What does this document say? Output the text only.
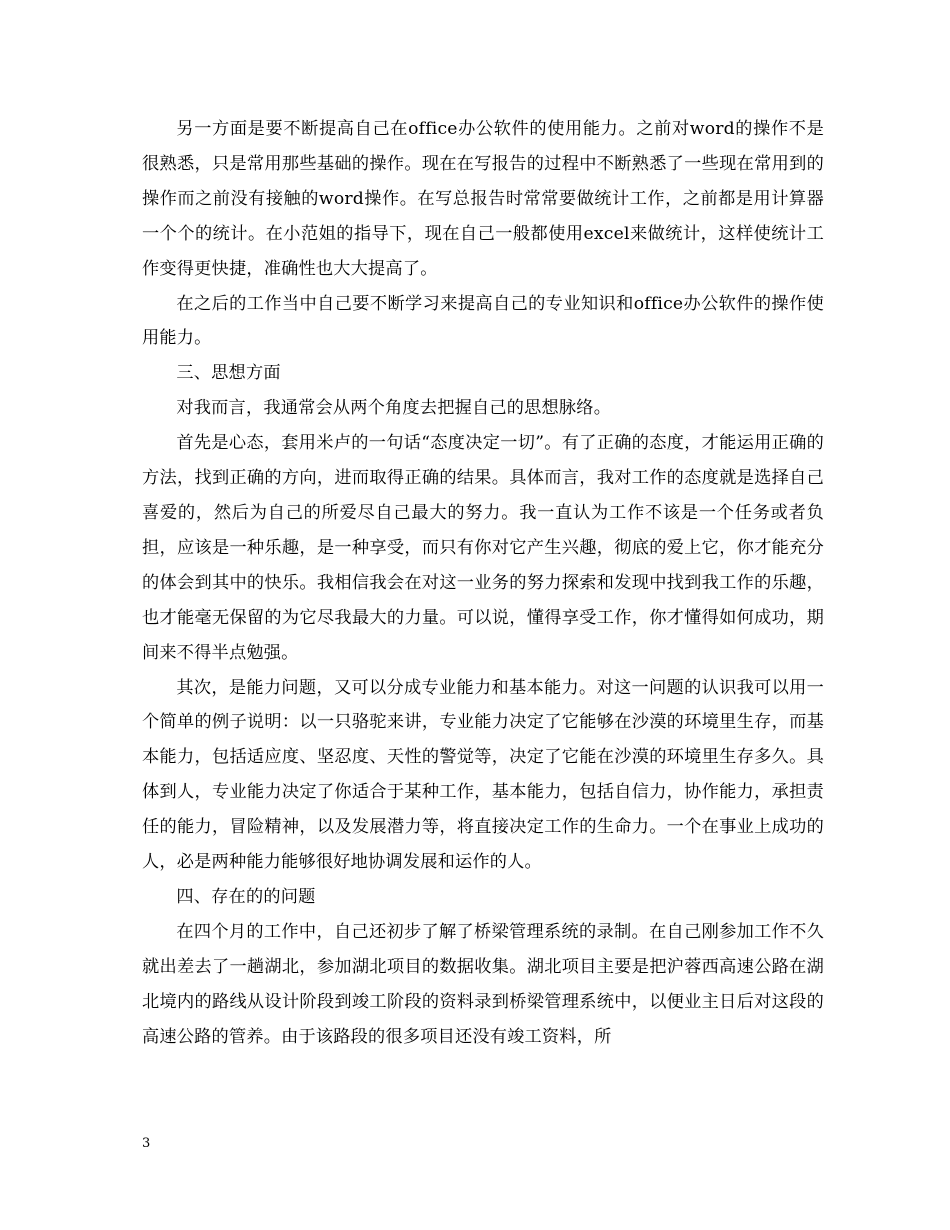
另一方面是要不断提高自己在office办公软件的使用能力。之前对word的操作不是很熟悉，只是常用那些基础的操作。现在在写报告的过程中不断熟悉了一些现在常用到的操作而之前没有接触的word操作。在写总报告时常常要做统计工作，之前都是用计算器一个个的统计。在小范姐的指导下，现在自己一般都使用excel来做统计，这样使统计工作变得更快捷，准确性也大大提高了。

在之后的工作当中自己要不断学习来提高自己的专业知识和office办公软件的操作使用能力。

三、思想方面

对我而言，我通常会从两个角度去把握自己的思想脉络。

首先是心态，套用米卢的一句话“态度决定一切”。有了正确的态度，才能运用正确的方法，找到正确的方向，进而取得正确的结果。具体而言，我对工作的态度就是选择自己喜爱的，然后为自己的所爱尽自己最大的努力。我一直认为工作不该是一个任务或者负担，应该是一种乐趣，是一种享受，而只有你对它产生兴趣，彻底的爱上它，你才能充分的体会到其中的快乐。我相信我会在对这一业务的努力探索和发现中找到我工作的乐趣，也才能毫无保留的为它尽我最大的力量。可以说，懂得享受工作，你才懂得如何成功，期间来不得半点勉强。

其次，是能力问题，又可以分成专业能力和基本能力。对这一问题的认识我可以用一个简单的例子说明：以一只骆驼来讲，专业能力决定了它能够在沙漠的环境里生存，而基本能力，包括适应度、坚忍度、天性的警觉等，决定了它能在沙漠的环境里生存多久。具体到人，专业能力决定了你适合于某种工作，基本能力，包括自信力，协作能力，承担责任的能力，冒险精神，以及发展潜力等，将直接决定工作的生命力。一个在事业上成功的人，必是两种能力能够很好地协调发展和运作的人。

四、存在的的问题

在四个月的工作中，自己还初步了解了桥梁管理系统的录制。在自己刚参加工作不久就出差去了一趟湖北，参加湖北项目的数据收集。湖北项目主要是把沪蓉西高速公路在湖北境内的路线从设计阶段到竣工阶段的资料录到桥梁管理系统中，以便业主日后对这段的高速公路的管养。由于该路段的很多项目还没有竣工资料，所

3
